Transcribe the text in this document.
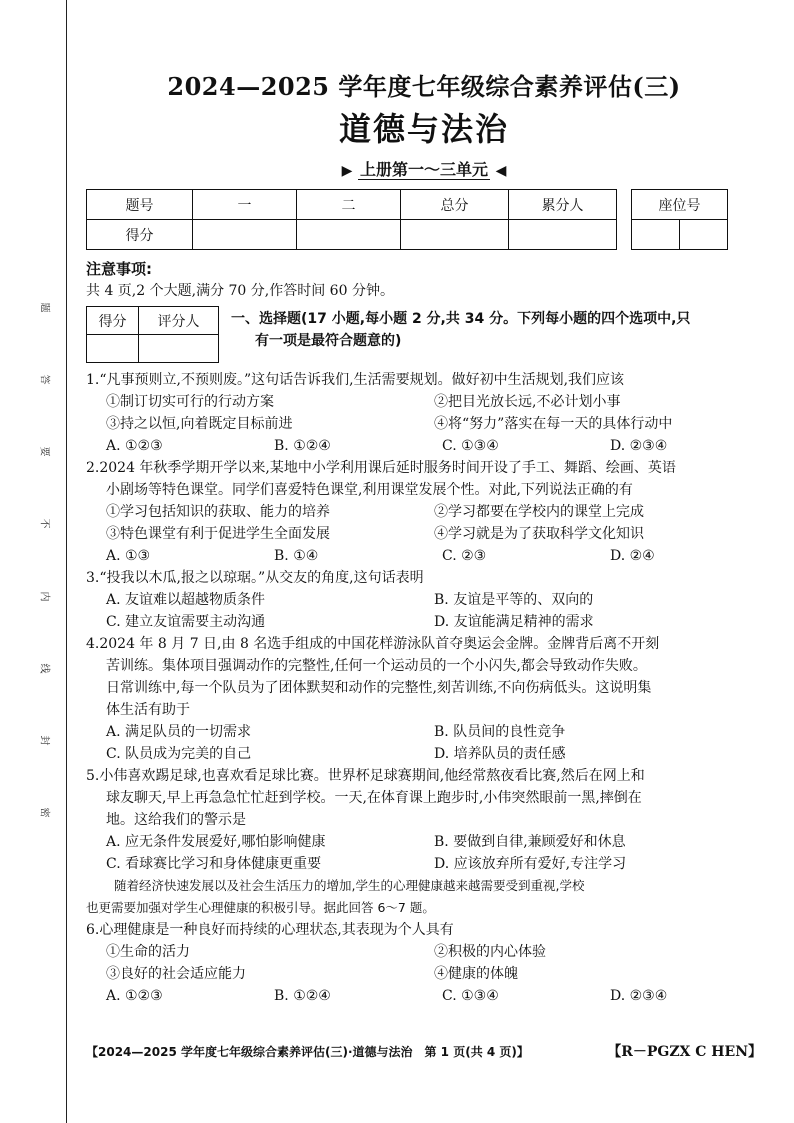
题
答
要
不
内
线
封
密
2024—2025 学年度七年级综合素养评估(三)
道德与法治
▶ 上册第一～三单元 ◀
题号	一	二	总分	累分人
得分				
座位号

注意事项:
共 4 页,2 个大题,满分 70 分,作答时间 60 分钟。
得分	评分人
	一、选择题(17 小题,每小题 2 分,共 34 分。下列每小题的四个选项中,只
有一项是最符合题意的)
1.“凡事预则立,不预则废。”这句话告诉我们,生活需要规划。做好初中生活规划,我们应该
①制订切实可行的行动方案	②把目光放长远,不必计划小事
③持之以恒,向着既定目标前进	④将“努力”落实在每一天的具体行动中
A. ①②③	B. ①②④	C. ①③④	D. ②③④
2.2024 年秋季学期开学以来,某地中小学利用课后延时服务时间开设了手工、舞蹈、绘画、英语
小剧场等特色课堂。同学们喜爱特色课堂,利用课堂发展个性。对此,下列说法正确的有
①学习包括知识的获取、能力的培养	②学习都要在学校内的课堂上完成
③特色课堂有利于促进学生全面发展	④学习就是为了获取科学文化知识
A. ①③	B. ①④	C. ②③	D. ②④
3.“投我以木瓜,报之以琼琚。”从交友的角度,这句话表明
A. 友谊难以超越物质条件	B. 友谊是平等的、双向的
C. 建立友谊需要主动沟通	D. 友谊能满足精神的需求
4.2024 年 8 月 7 日,由 8 名选手组成的中国花样游泳队首夺奥运会金牌。金牌背后离不开刻
苦训练。集体项目强调动作的完整性,任何一个运动员的一个小闪失,都会导致动作失败。
日常训练中,每一个队员为了团体默契和动作的完整性,刻苦训练,不向伤病低头。这说明集
体生活有助于
A. 满足队员的一切需求	B. 队员间的良性竞争
C. 队员成为完美的自己	D. 培养队员的责任感
5.小伟喜欢踢足球,也喜欢看足球比赛。世界杯足球赛期间,他经常熬夜看比赛,然后在网上和
球友聊天,早上再急急忙忙赶到学校。一天,在体育课上跑步时,小伟突然眼前一黑,摔倒在
地。这给我们的警示是
A. 应无条件发展爱好,哪怕影响健康	B. 要做到自律,兼顾爱好和休息
C. 看球赛比学习和身体健康更重要	D. 应该放弃所有爱好,专注学习
随着经济快速发展以及社会生活压力的增加,学生的心理健康越来越需要受到重视,学校
也更需要加强对学生心理健康的积极引导。据此回答 6～7 题。
6.心理健康是一种良好而持续的心理状态,其表现为个人具有
①生命的活力	②积极的内心体验
③良好的社会适应能力	④健康的体魄
A. ①②③	B. ①②④	C. ①③④	D. ②③④
【2024—2025 学年度七年级综合素养评估(三)·道德与法治　第 1 页(共 4 页)】	【R－PGZX C HEN】
